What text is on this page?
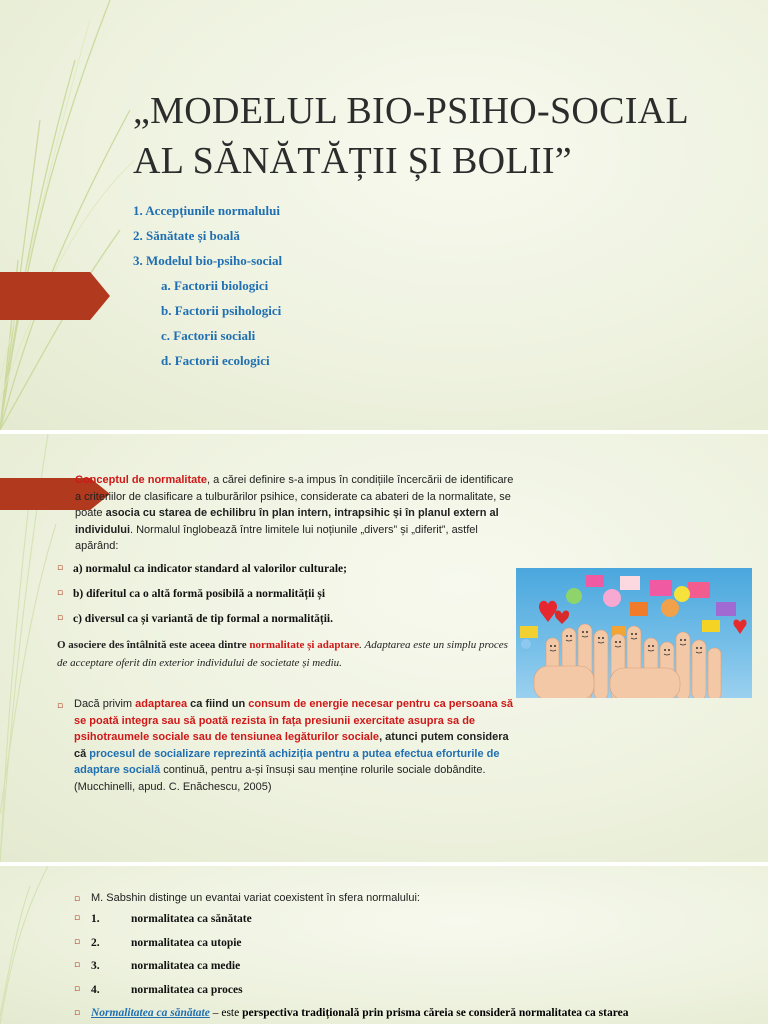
„MODELUL BIO-PSIHO-SOCIAL
AL SĂNĂTĂȚII ȘI BOLII”
1. Accepțiunile normalului
2. Sănătate și boală
3. Modelul bio-psiho-social
a. Factorii biologici
b. Factorii psihologici
c. Factorii sociali
d. Factorii ecologici
Conceptul de normalitate, a cărei definire s-a impus în condițiile încercării de identificare a criteriilor de clasificare a tulburărilor psihice, considerate ca abateri de la normalitate, se poate asocia cu starea de echilibru în plan intern, intrapsihic și în planul extern al individului. Normalul înglobează între limitele lui noțiunile „divers” și „diferit”, astfel apărând:
▫ a) normalul ca indicator standard al valorilor culturale;
▫ b) diferitul ca o altă formă posibilă a normalității și
▫ c) diversul ca și variantă de tip formal a normalității.
O asociere des întâlnită este aceea dintre normalitate și adaptare. Adaptarea este un simplu proces de acceptare oferit din exterior individului de societate și mediu.
▫ Dacă privim adaptarea ca fiind un consum de energie necesar pentru ca persoana să se poată integra sau să poată rezista în fața presiunii exercitate asupra sa de psihotraumele sociale sau de tensiunea legăturilor sociale, atunci putem considera că procesul de socializare reprezintă achiziția pentru a putea efectua eforturile de adaptare socială continuă, pentru a-și însuși sau menține rolurile sociale dobândite. (Mucchinelli, apud. C. Enăchescu, 2005)
▫ M. Sabshin distinge un evantai variat coexistent în sfera normalului:
▫ 1.	normalitatea ca sănătate
▫ 2.	normalitatea ca utopie
▫ 3.	normalitatea ca medie
▫ 4.	normalitatea ca proces
▫ Normalitatea ca sănătate – este perspectiva tradițională prin prisma căreia se consideră normalitatea ca starea
